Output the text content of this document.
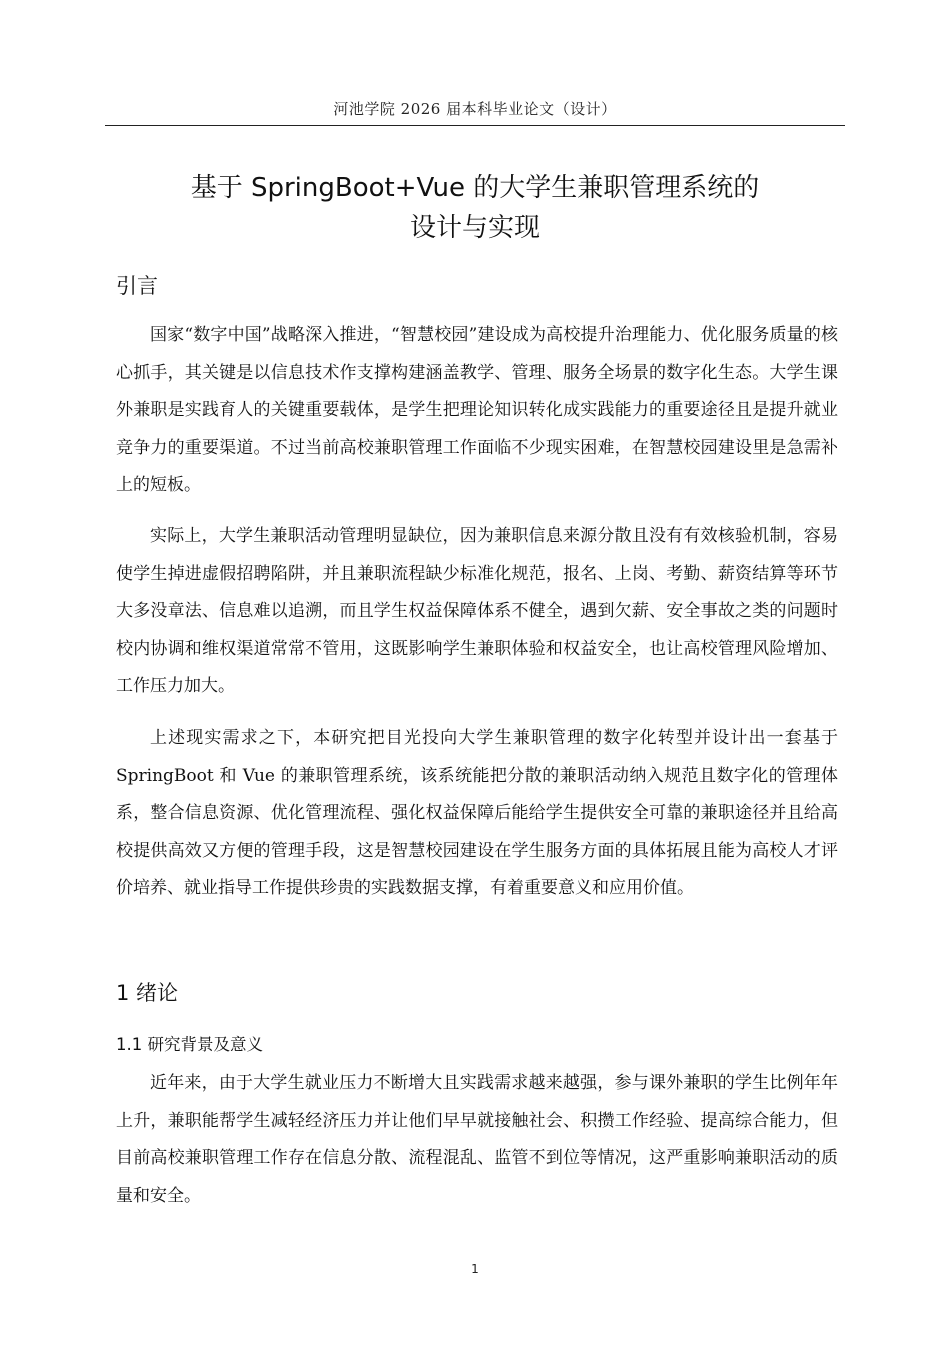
河池学院 2026 届本科毕业论文（设计）
基于 SpringBoot+Vue 的大学生兼职管理系统的
设计与实现
引言

国家“数字中国”战略深入推进，“智慧校园”建设成为高校提升治理能力、优化服务质量的核心抓手，其关键是以信息技术作支撑构建涵盖教学、管理、服务全场景的数字化生态。大学生课外兼职是实践育人的关键重要载体，是学生把理论知识转化成实践能力的重要途径且是提升就业竞争力的重要渠道。不过当前高校兼职管理工作面临不少现实困难，在智慧校园建设里是急需补上的短板。

实际上，大学生兼职活动管理明显缺位，因为兼职信息来源分散且没有有效核验机制，容易使学生掉进虚假招聘陷阱，并且兼职流程缺少标准化规范，报名、上岗、考勤、薪资结算等环节大多没章法、信息难以追溯，而且学生权益保障体系不健全，遇到欠薪、安全事故之类的问题时校内协调和维权渠道常常不管用，这既影响学生兼职体验和权益安全，也让高校管理风险增加、工作压力加大。

上述现实需求之下，本研究把目光投向大学生兼职管理的数字化转型并设计出一套基于 SpringBoot 和 Vue 的兼职管理系统，该系统能把分散的兼职活动纳入规范且数字化的管理体系，整合信息资源、优化管理流程、强化权益保障后能给学生提供安全可靠的兼职途径并且给高校提供高效又方便的管理手段，这是智慧校园建设在学生服务方面的具体拓展且能为高校人才评价培养、就业指导工作提供珍贵的实践数据支撑，有着重要意义和应用价值。

1 绪论
1.1 研究背景及意义

近年来，由于大学生就业压力不断增大且实践需求越来越强，参与课外兼职的学生比例年年上升，兼职能帮学生减轻经济压力并让他们早早就接触社会、积攒工作经验、提高综合能力，但目前高校兼职管理工作存在信息分散、流程混乱、监管不到位等情况，这严重影响兼职活动的质量和安全。

1
